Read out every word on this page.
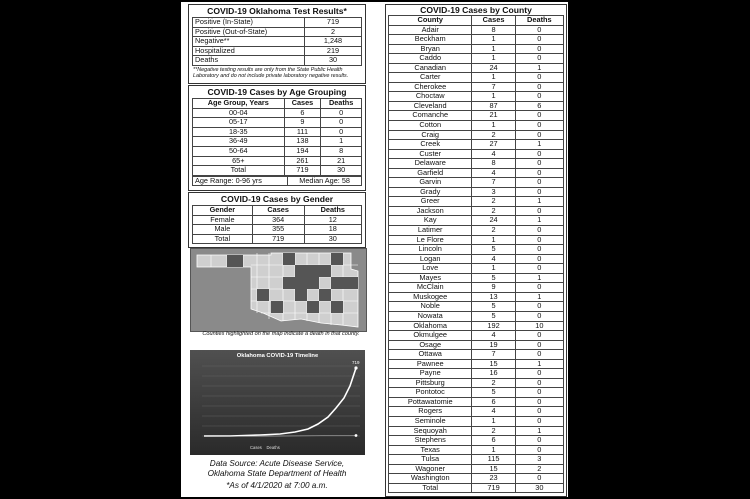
COVID-19 Oklahoma Test Results*
Positive (In-State)	719
Positive (Out-of-State)	2
Negative**	1,248
Hospitalized	219
Deaths	30
**Negative testing results are only from the State Public Health Laboratory and do not include private laboratory negative results.
COVID-19 Cases by Age Grouping
Age Group, Years	Cases	Deaths
00-04	6	0
05-17	9	0
18-35	111	0
36-49	138	1
50-64	194	8
65+	261	21
Total	719	30
Age Range: 0-96 yrs	Median Age: 58
COVID-19 Cases by Gender
Gender	Cases	Deaths
Female	364	12
Male	355	18
Total	719	30
Counties highlighted on the map indicate a death in that county.
Oklahoma COVID-19 Timeline
719
Cases Deaths
Data Source: Acute Disease Service,
Oklahoma State Department of Health
*As of 4/1/2020 at 7:00 a.m.
COVID-19 Cases by County
County	Cases	Deaths
Adair	8	0
Beckham	1	0
Bryan	1	0
Caddo	1	0
Canadian	24	1
Carter	1	0
Cherokee	7	0
Choctaw	1	0
Cleveland	87	6
Comanche	21	0
Cotton	1	0
Craig	2	0
Creek	27	1
Custer	4	0
Delaware	8	0
Garfield	4	0
Garvin	7	0
Grady	3	0
Greer	2	1
Jackson	2	0
Kay	24	1
Latimer	2	0
Le Flore	1	0
Lincoln	5	0
Logan	4	0
Love	1	0
Mayes	5	1
McClain	9	0
Muskogee	13	1
Noble	5	0
Nowata	5	0
Oklahoma	192	10
Okmulgee	4	0
Osage	19	0
Ottawa	7	0
Pawnee	15	1
Payne	16	0
Pittsburg	2	0
Pontotoc	5	0
Pottawatomie	6	0
Rogers	4	0
Seminole	1	0
Sequoyah	2	1
Stephens	6	0
Texas	1	0
Tulsa	115	3
Wagoner	15	2
Washington	23	0
Total	719	30
